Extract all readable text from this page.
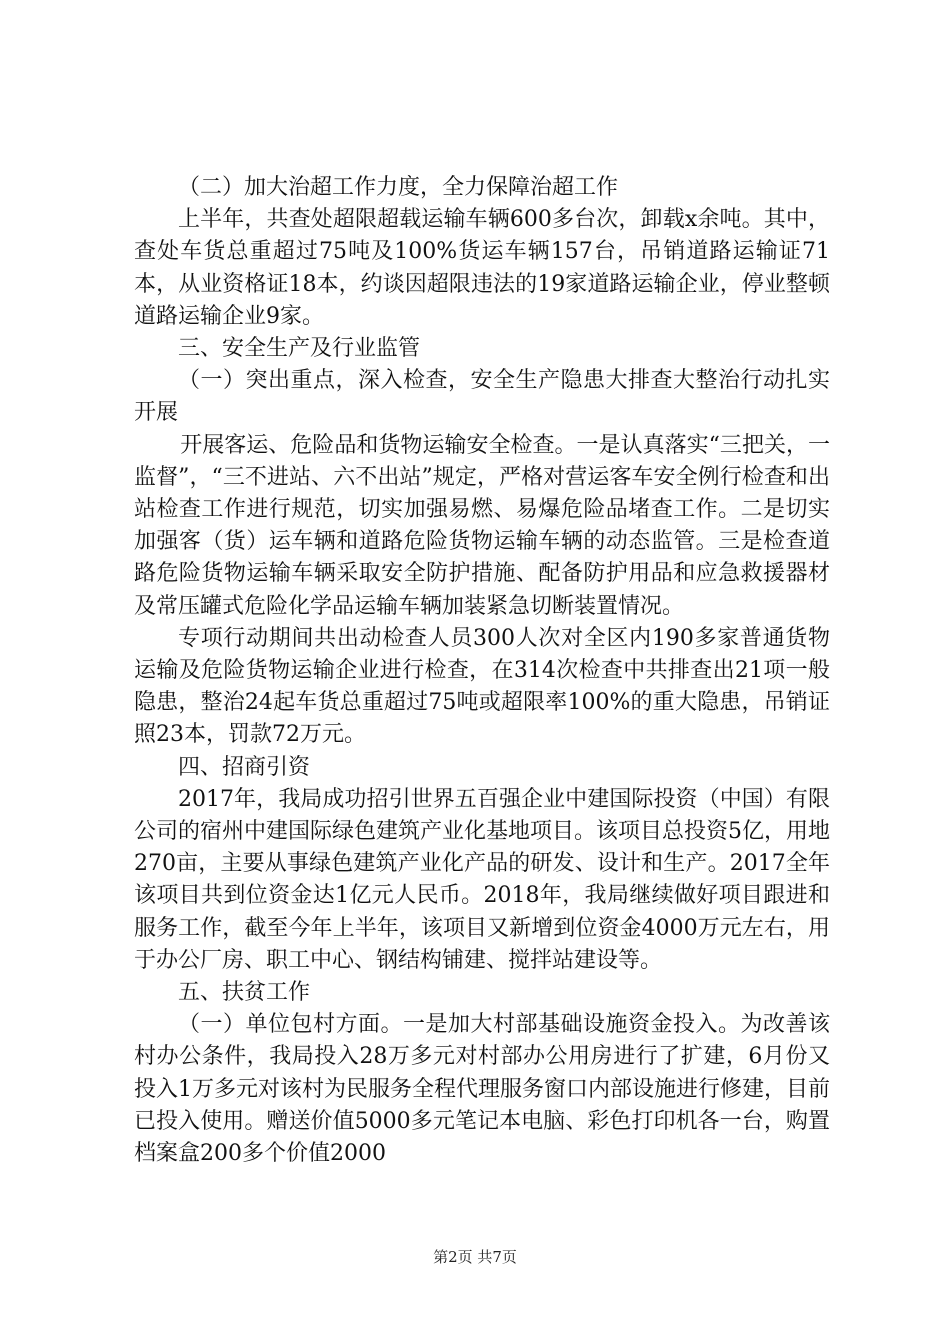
（二）加大治超工作力度，全力保障治超工作

上半年，共查处超限超载运输车辆600多台次，卸载x余吨。其中，查处车货总重超过75吨及100%货运车辆157台，吊销道路运输证71本，从业资格证18本，约谈因超限违法的19家道路运输企业，停业整顿道路运输企业9家。

三、安全生产及行业监管

（一）突出重点，深入检查，安全生产隐患大排查大整治行动扎实开展

开展客运、危险品和货物运输安全检查。一是认真落实“三把关，一监督”，“三不进站、六不出站”规定，严格对营运客车安全例行检查和出站检查工作进行规范，切实加强易燃、易爆危险品堵查工作。二是切实加强客（货）运车辆和道路危险货物运输车辆的动态监管。三是检查道路危险货物运输车辆采取安全防护措施、配备防护用品和应急救援器材及常压罐式危险化学品运输车辆加装紧急切断装置情况。

专项行动期间共出动检查人员300人次对全区内190多家普通货物运输及危险货物运输企业进行检查，在314次检查中共排查出21项一般隐患，整治24起车货总重超过75吨或超限率100%的重大隐患，吊销证照23本，罚款72万元。

四、招商引资

2017年，我局成功招引世界五百强企业中建国际投资（中国）有限公司的宿州中建国际绿色建筑产业化基地项目。该项目总投资5亿，用地270亩，主要从事绿色建筑产业化产品的研发、设计和生产。2017全年该项目共到位资金达1亿元人民币。2018年，我局继续做好项目跟进和服务工作，截至今年上半年，该项目又新增到位资金4000万元左右，用于办公厂房、职工中心、钢结构铺建、搅拌站建设等。

五、扶贫工作

（一）单位包村方面。一是加大村部基础设施资金投入。为改善该村办公条件，我局投入28万多元对村部办公用房进行了扩建，6月份又投入1万多元对该村为民服务全程代理服务窗口内部设施进行修建，目前已投入使用。赠送价值5000多元笔记本电脑、彩色打印机各一台，购置档案盒200多个价值2000

第2页 共7页
